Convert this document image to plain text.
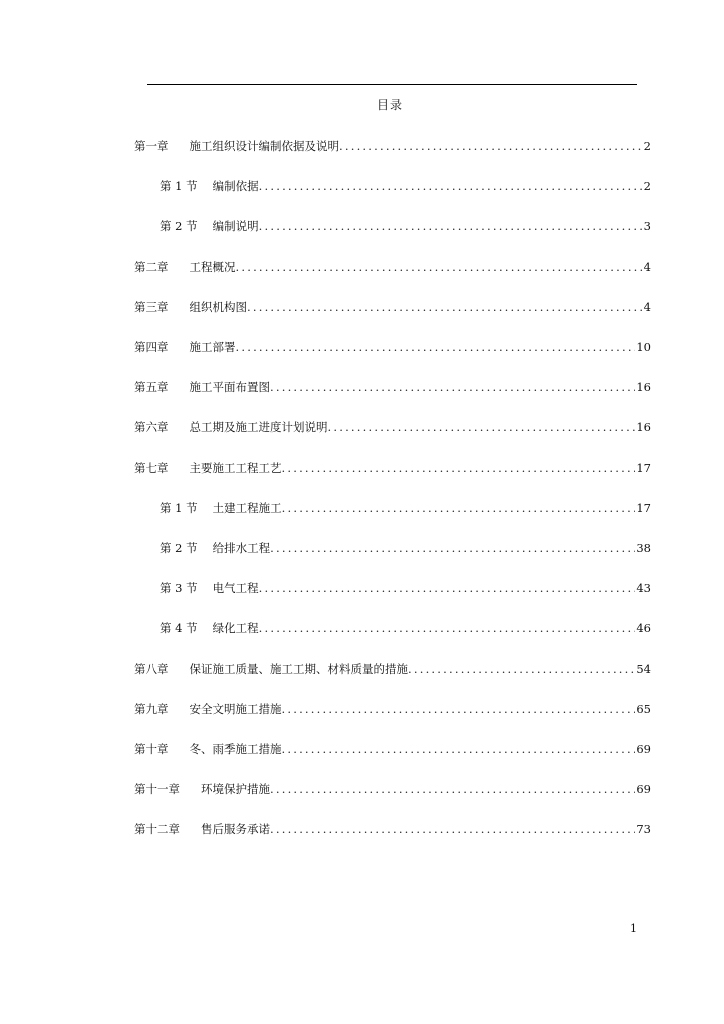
目录
第一章 施工组织设计编制依据及说明 .....	2
第 1 节 编制依据 .....	2
第 2 节 编制说明 .....	3
第二章 工程概况 .....	4
第三章 组织机构图 .....	4
第四章 施工部署 .....	10
第五章 施工平面布置图 .....	16
第六章 总工期及施工进度计划说明 .....	16
第七章 主要施工工程工艺 .....	17
第 1 节 土建工程施工 .....	17
第 2 节 给排水工程 .....	38
第 3 节 电气工程 .....	43
第 4 节 绿化工程 .....	46
第八章 保证施工质量、施工工期、材料质量的措施 .....	54
第九章 安全文明施工措施 .....	65
第十章 冬、雨季施工措施 .....	69
第十一章 环境保护措施 .....	69
第十二章 售后服务承诺 .....	73
1
